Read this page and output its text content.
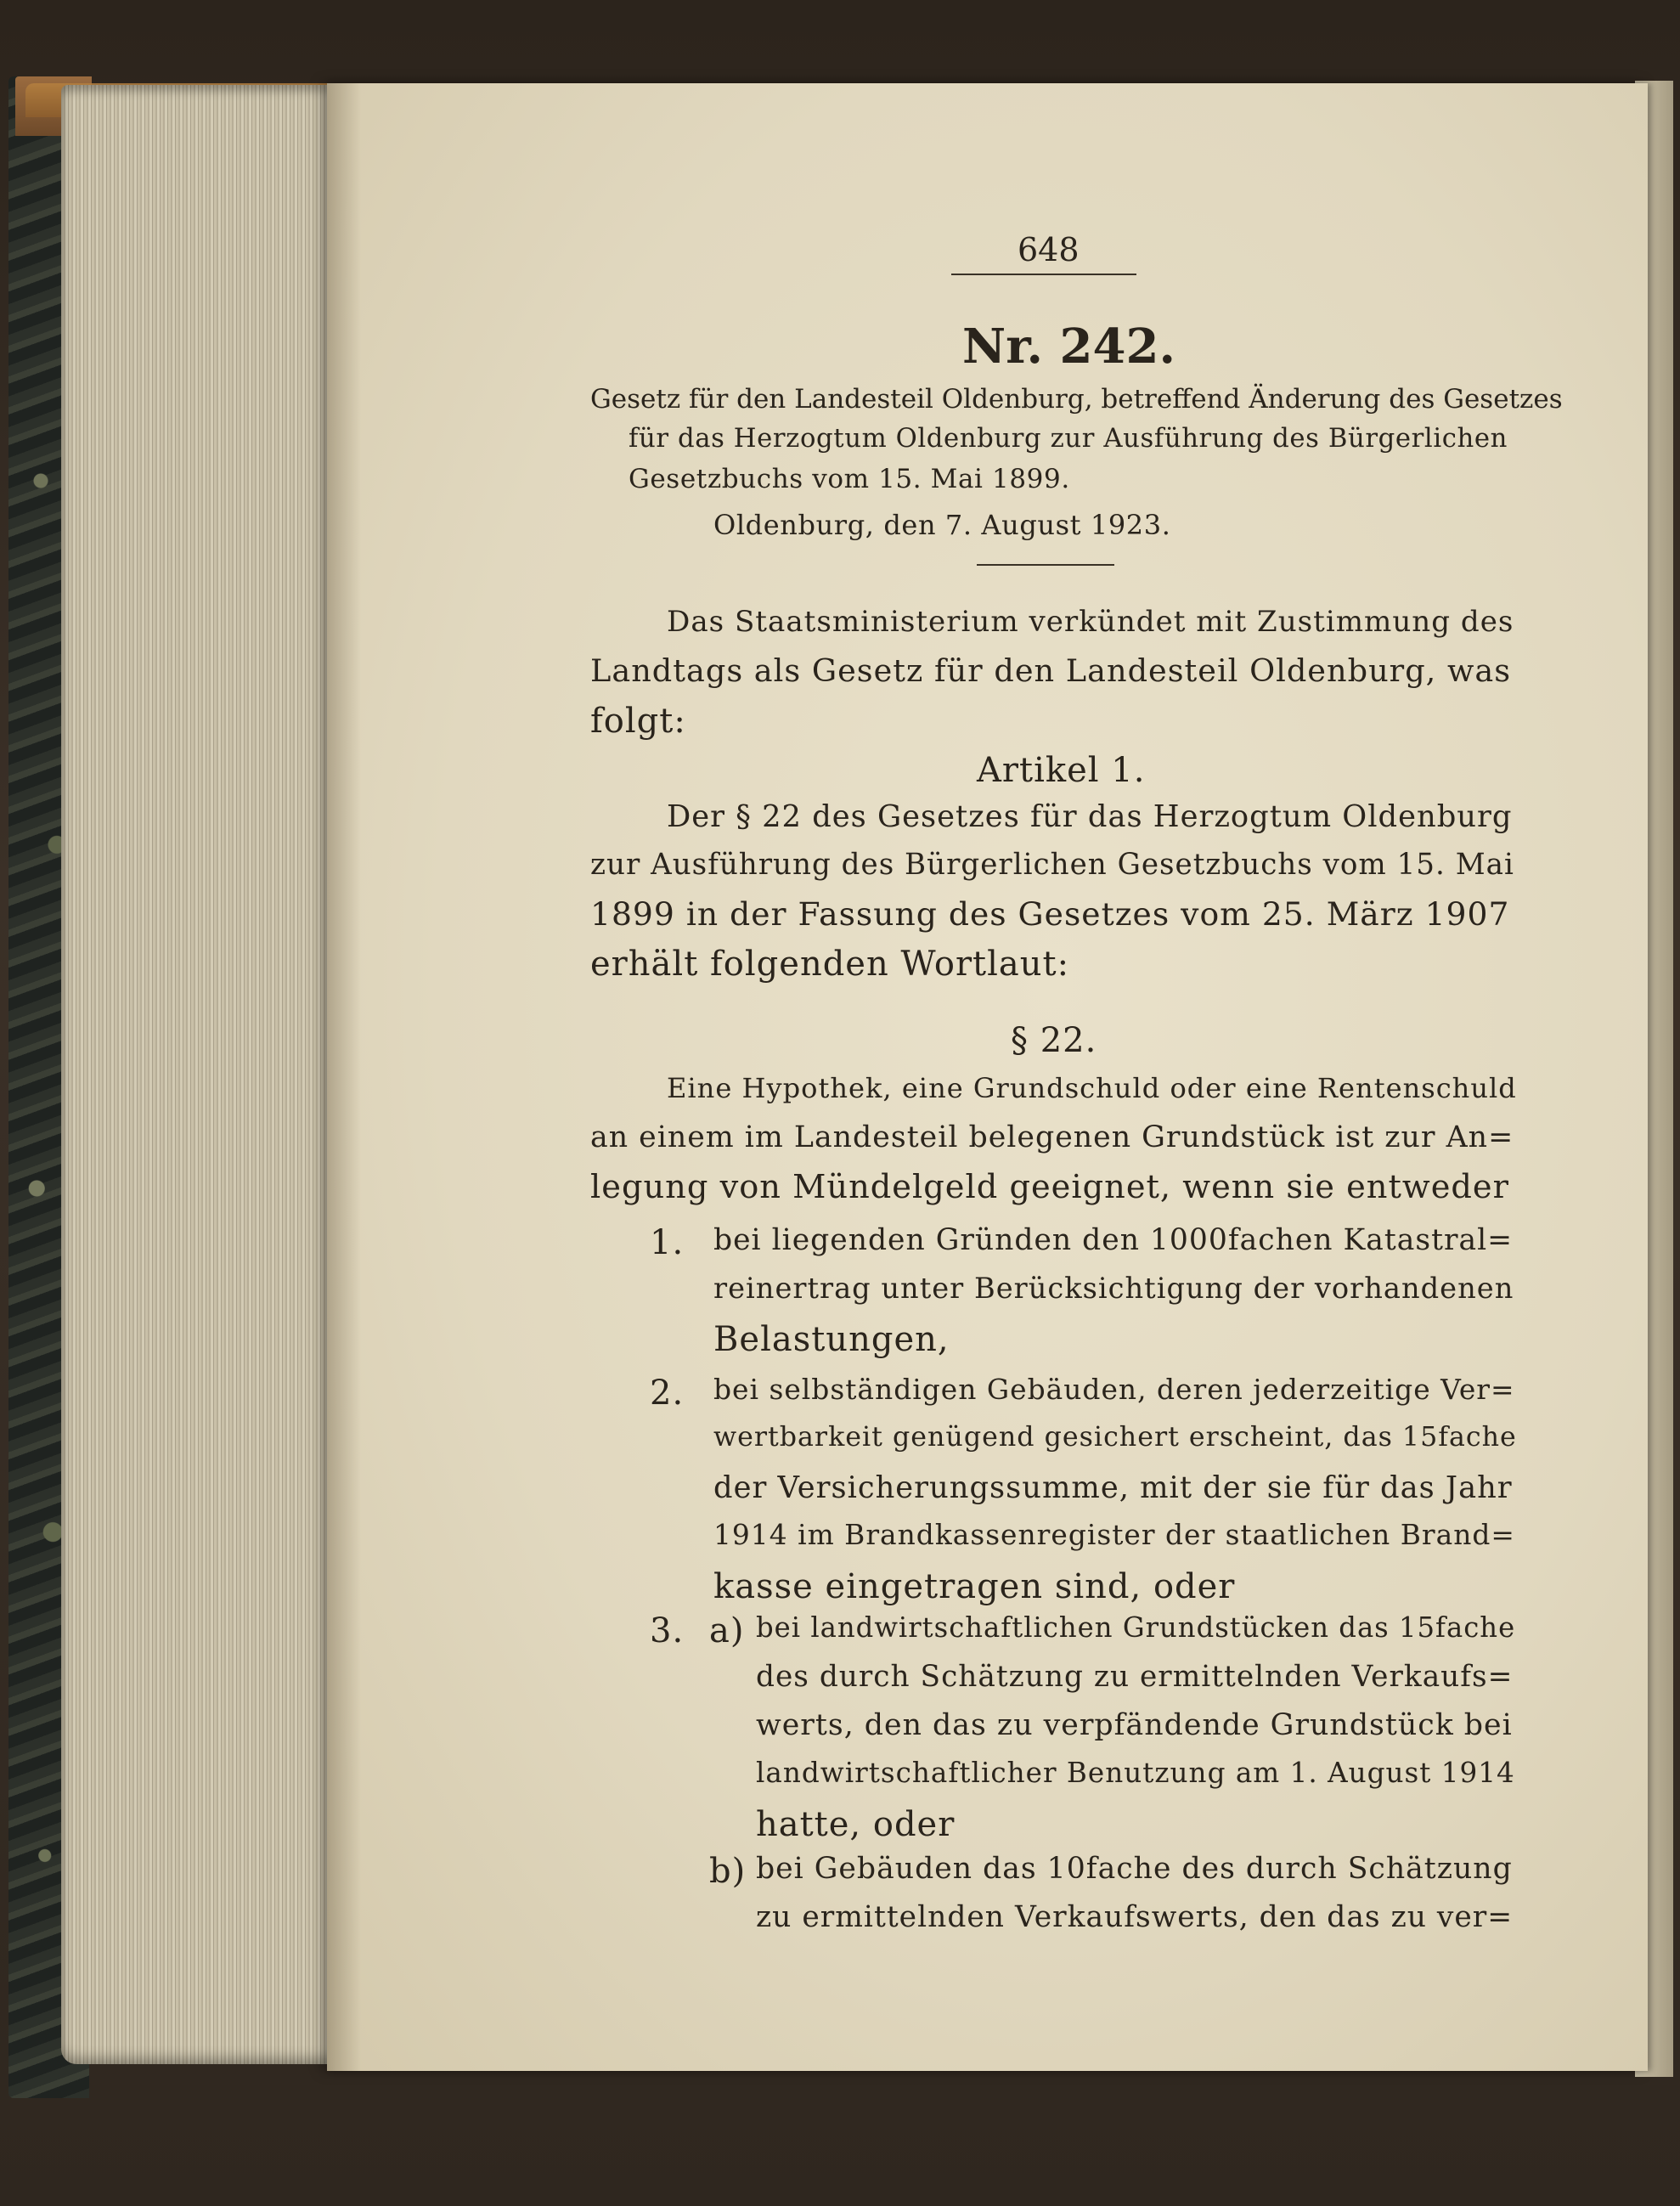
648
Nr. 242.
Gesetz für den Landesteil Oldenburg, betreffend Änderung des Gesetzes
für das Herzogtum Oldenburg zur Ausführung des Bürgerlichen
Gesetzbuchs vom 15. Mai 1899.
Oldenburg, den 7. August 1923.
Das Staatsministerium verkündet mit Zustimmung des
Landtags als Gesetz für den Landesteil Oldenburg, was
folgt:
Artikel 1.
Der § 22 des Gesetzes für das Herzogtum Oldenburg
zur Ausführung des Bürgerlichen Gesetzbuchs vom 15. Mai
1899 in der Fassung des Gesetzes vom 25. März 1907
erhält folgenden Wortlaut:
§ 22.
Eine Hypothek, eine Grundschuld oder eine Rentenschuld
an einem im Landesteil belegenen Grundstück ist zur An=
legung von Mündelgeld geeignet, wenn sie entweder
1. bei liegenden Gründen den 1000fachen Katastral=
reinertrag unter Berücksichtigung der vorhandenen
Belastungen,
2. bei selbständigen Gebäuden, deren jederzeitige Ver=
wertbarkeit genügend gesichert erscheint, das 15fache
der Versicherungssumme, mit der sie für das Jahr
1914 im Brandkassenregister der staatlichen Brand=
kasse eingetragen sind, oder
3. a) bei landwirtschaftlichen Grundstücken das 15fache
des durch Schätzung zu ermittelnden Verkaufs=
werts, den das zu verpfändende Grundstück bei
landwirtschaftlicher Benutzung am 1. August 1914
hatte, oder
b) bei Gebäuden das 10fache des durch Schätzung
zu ermittelnden Verkaufswerts, den das zu ver=
